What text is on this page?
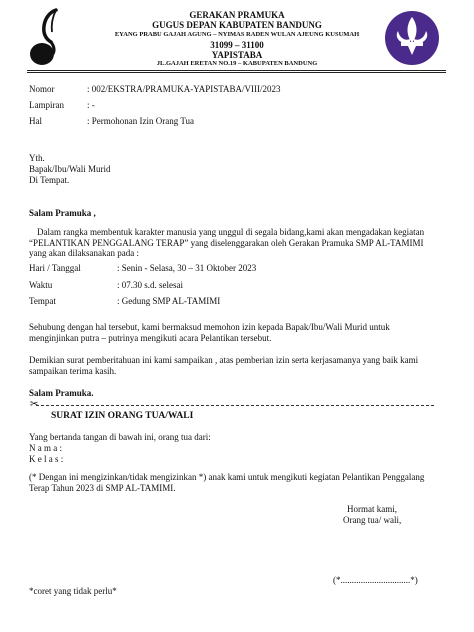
GERAKAN PRAMUKA
GUGUS DEPAN KABUPATEN BANDUNG
EYANG PRABU GAJAH AGUNG – NYIMAS RADEN WULAN AJEUNG KUSUMAH
31099 – 31100
YAPISTABA
JL.GAJAH ERETAN NO.19 – KABUPATEN BANDUNG
Nomor	: 002/EKSTRA/PRAMUKA-YAPISTABA/VIII/2023
Lampiran	: -
Hal	: Permohonan Izin Orang Tua
Yth.
Bapak/Ibu/Wali Murid
Di Tempat.
Salam Pramuka ,
Dalam rangka membentuk karakter manusia yang unggul di segala bidang,kami akan mengadakan kegiatan “PELANTIKAN PENGGALANG TERAP” yang diselenggarakan oleh Gerakan Pramuka SMP AL-TAMIMI yang akan dilaksanakan pada :
Hari / Tanggal	: Senin - Selasa, 30 – 31 Oktober 2023
Waktu	: 07.30 s.d. selesai
Tempat	: Gedung SMP AL-TAMIMI
Sehubung dengan hal tersebut, kami bermaksud memohon izin kepada Bapak/Ibu/Wali Murid untuk menginjinkan putra – putrinya mengikuti acara Pelantikan tersebut.
Demikian surat pemberitahuan ini kami sampaikan , atas pemberian izin serta kerjasamanya yang baik kami sampaikan terima kasih.
Salam Pramuka.
✂
SURAT IZIN ORANG TUA/WALI
Yang bertanda tangan di bawah ini, orang tua dari:
N a m a :
K e l a s :
(* Dengan ini mengizinkan/tidak mengizinkan *) anak kami untuk mengikuti kegiatan Pelantikan Penggalang Terap Tahun 2023 di SMP AL-TAMIMI.
Hormat kami,
Orang tua/ wali,
(*...............................*)
*coret yang tidak perlu*
